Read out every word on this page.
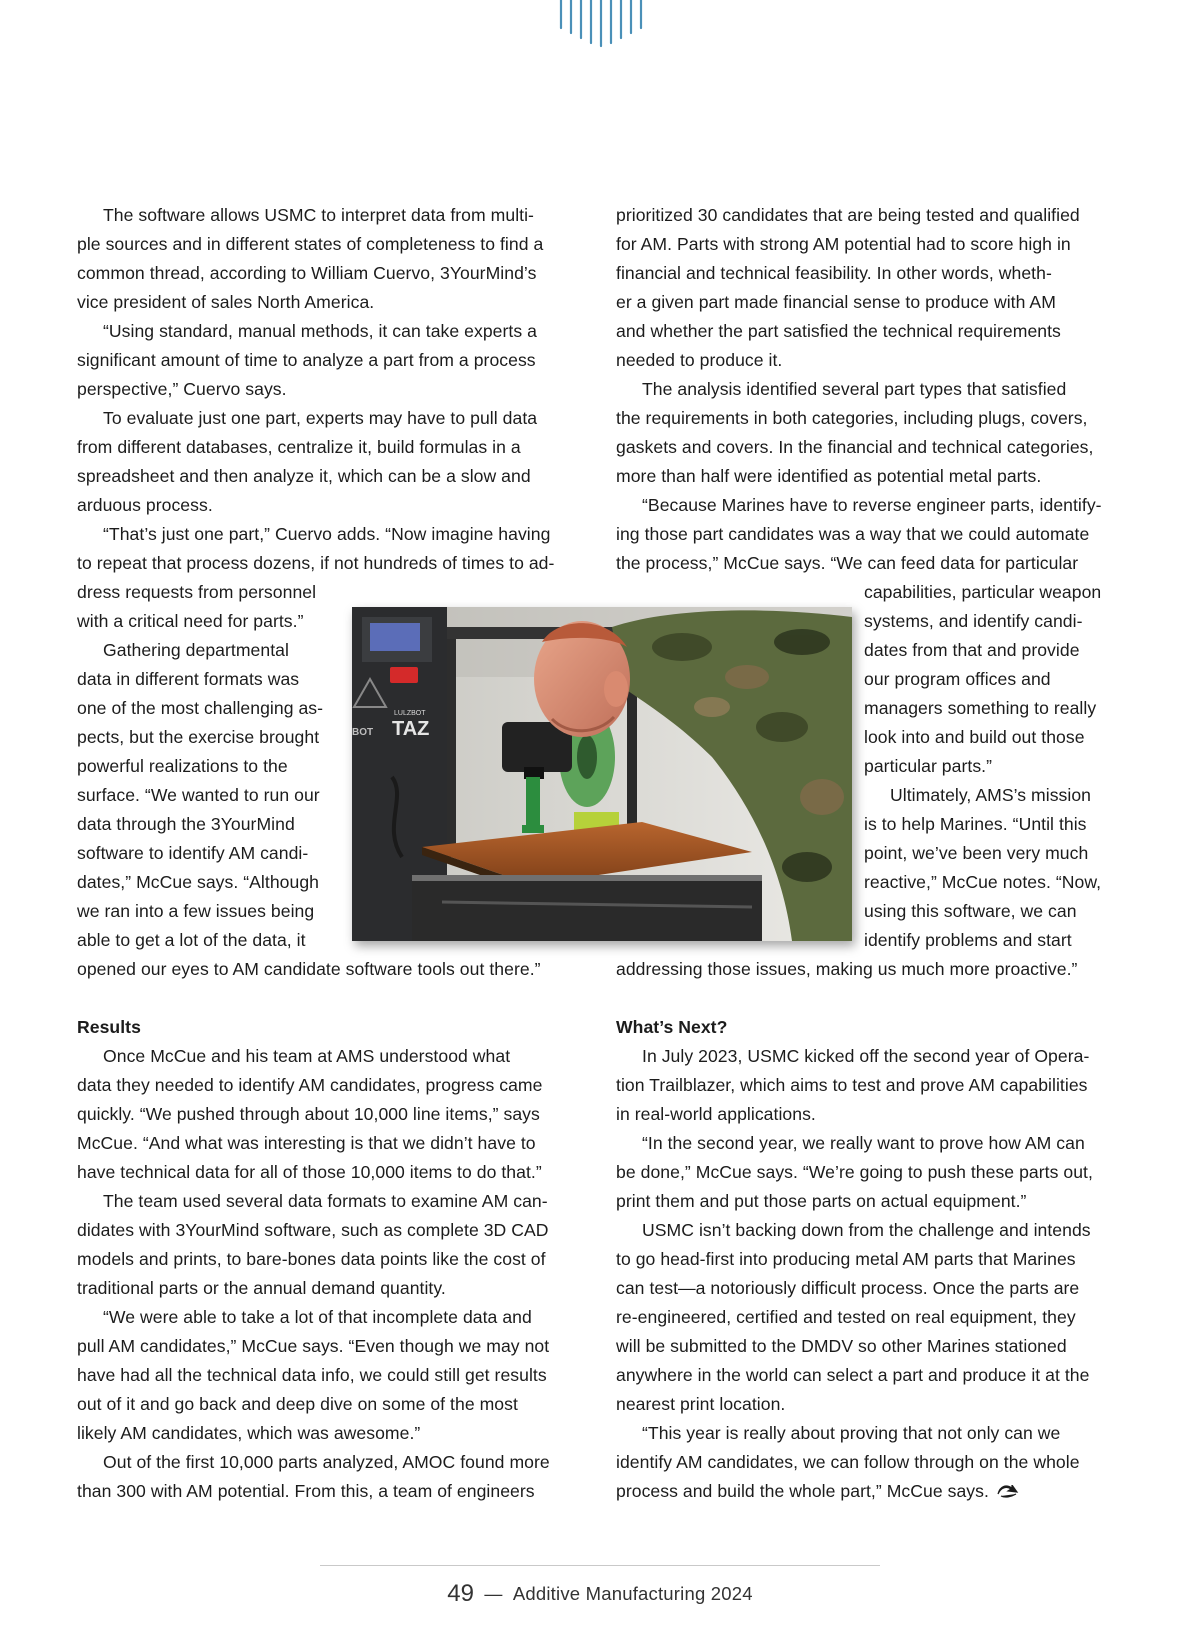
The software allows USMC to interpret data from multi-
ple sources and in different states of completeness to find a
common thread, according to William Cuervo, 3YourMind’s
vice president of sales North America.
“Using standard, manual methods, it can take experts a
significant amount of time to analyze a part from a process
perspective,” Cuervo says.
To evaluate just one part, experts may have to pull data
from different databases, centralize it, build formulas in a
spreadsheet and then analyze it, which can be a slow and
arduous process.
“That’s just one part,” Cuervo adds. “Now imagine having
to repeat that process dozens, if not hundreds of times to ad-
dress requests from personnel
with a critical need for parts.”
Gathering departmental
data in different formats was
one of the most challenging as-
pects, but the exercise brought
powerful realizations to the
surface. “We wanted to run our
data through the 3YourMind
software to identify AM candi-
dates,” McCue says. “Although
we ran into a few issues being
able to get a lot of the data, it
opened our eyes to AM candidate software tools out there.”
prioritized 30 candidates that are being tested and qualified
for AM. Parts with strong AM potential had to score high in
financial and technical feasibility. In other words, wheth-
er a given part made financial sense to produce with AM
and whether the part satisfied the technical requirements
needed to produce it.
The analysis identified several part types that satisfied
the requirements in both categories, including plugs, covers,
gaskets and covers. In the financial and technical categories,
more than half were identified as potential metal parts.
“Because Marines have to reverse engineer parts, identify-
ing those part candidates was a way that we could automate
the process,” McCue says. “We can feed data for particular
capabilities, particular weapon
systems, and identify candi-
dates from that and provide
our program offices and
managers something to really
look into and build out those
particular parts.”
Ultimately, AMS’s mission
is to help Marines. “Until this
point, we’ve been very much
reactive,” McCue notes. “Now,
using this software, we can
identify problems and start
addressing those issues, making us much more proactive.”
Results
Once McCue and his team at AMS understood what
data they needed to identify AM candidates, progress came
quickly. “We pushed through about 10,000 line items,” says
McCue. “And what was interesting is that we didn’t have to
have technical data for all of those 10,000 items to do that.”
The team used several data formats to examine AM can-
didates with 3YourMind software, such as complete 3D CAD
models and prints, to bare-bones data points like the cost of
traditional parts or the annual demand quantity.
“We were able to take a lot of that incomplete data and
pull AM candidates,” McCue says. “Even though we may not
have had all the technical data info, we could still get results
out of it and go back and deep dive on some of the most
likely AM candidates, which was awesome.”
Out of the first 10,000 parts analyzed, AMOC found more
than 300 with AM potential. From this, a team of engineers
What’s Next?
In July 2023, USMC kicked off the second year of Opera-
tion Trailblazer, which aims to test and prove AM capabilities
in real-world applications.
“In the second year, we really want to prove how AM can
be done,” McCue says. “We’re going to push these parts out,
print them and put those parts on actual equipment.”
USMC isn’t backing down from the challenge and intends
to go head-first into producing metal AM parts that Marines
can test—a notoriously difficult process. Once the parts are
re-engineered, certified and tested on real equipment, they
will be submitted to the DMDV so other Marines stationed
anywhere in the world can select a part and produce it at the
nearest print location.
“This year is really about proving that not only can we
identify AM candidates, we can follow through on the whole
process and build the whole part,” McCue says.
LULZBOT
TAZ
BOT
49 — Additive Manufacturing 2024
